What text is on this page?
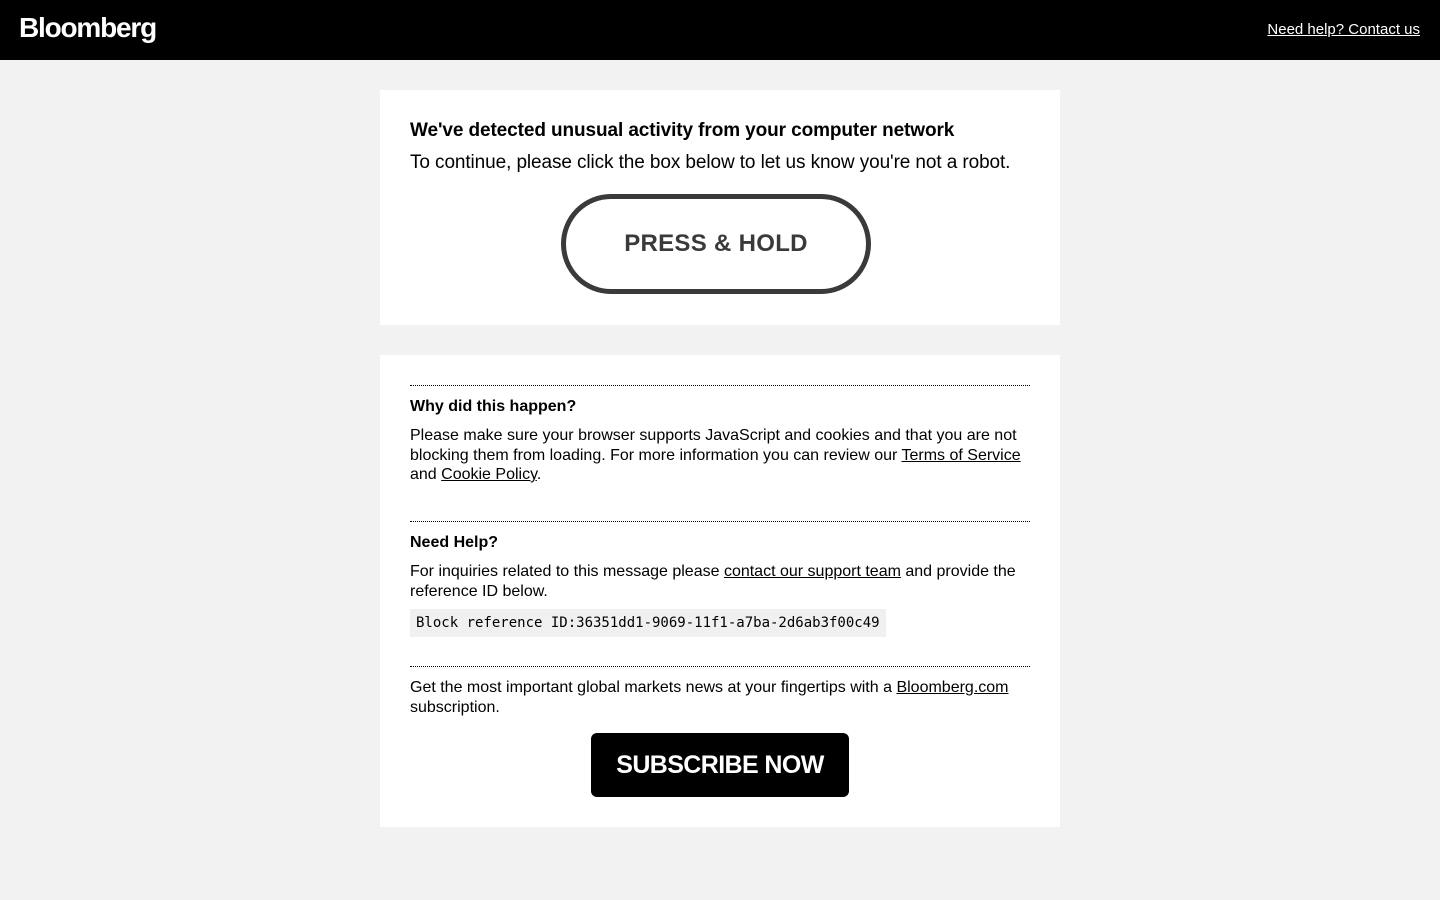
Bloomberg	Need help? Contact us
We've detected unusual activity from your computer network
To continue, please click the box below to let us know you're not a robot.
PRESS & HOLD
Why did this happen?
Please make sure your browser supports JavaScript and cookies and that you are not blocking them from loading. For more information you can review our Terms of Service and Cookie Policy.
Need Help?
For inquiries related to this message please contact our support team and provide the reference ID below.
Block reference ID:36351dd1-9069-11f1-a7ba-2d6ab3f00c49
Get the most important global markets news at your fingertips with a Bloomberg.com subscription.
SUBSCRIBE NOW
